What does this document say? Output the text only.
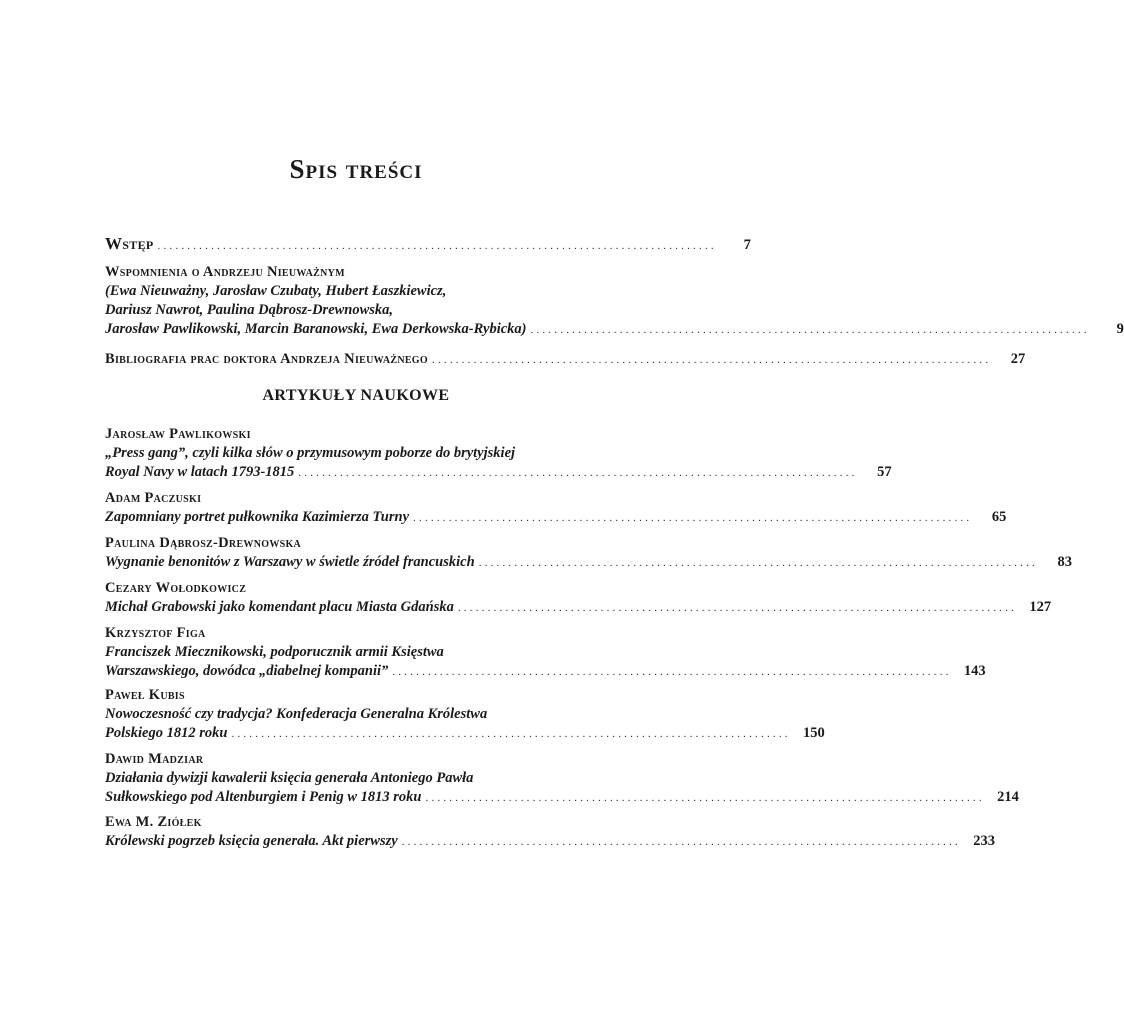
Spis treści
Wstęp ..............................................................................................	7
Wspomnienia o Andrzeju Nieuważnym
(Ewa Nieuważny, Jarosław Czubaty, Hubert Łaszkiewicz,
Dariusz Nawrot, Paulina Dąbrosz-Drewnowska,
Jarosław Pawlikowski, Marcin Baranowski, Ewa Derkowska-Rybicka) ..............................................................................................	9
Bibliografia prac doktora Andrzeja Nieuważnego ..............................................................................................	27
ARTYKUŁY NAUKOWE
Jarosław Pawlikowski
„Press gang”, czyli kilka słów o przymusowym poborze do brytyjskiej
Royal Navy w latach 1793-1815 ..............................................................................................	57
Adam Paczuski
Zapomniany portret pułkownika Kazimierza Turny ..............................................................................................	65
Paulina Dąbrosz-Drewnowska
Wygnanie benonitów z Warszawy w świetle źródeł francuskich ..............................................................................................	83
Cezary Wołodkowicz
Michał Grabowski jako komendant placu Miasta Gdańska .............................................................................................. 127
Krzysztof Figa
Franciszek Miecznikowski, podporucznik armii Księstwa
Warszawskiego, dowódca „diabelnej kompanii” .............................................................................................. 143
Paweł Kubis
Nowoczesność czy tradycja? Konfederacja Generalna Królestwa
Polskiego 1812 roku .............................................................................................. 150
Dawid Madziar
Działania dywizji kawalerii księcia generała Antoniego Pawła
Sułkowskiego pod Altenburgiem i Penig w 1813 roku .............................................................................................. 214
Ewa M. Ziółek
Królewski pogrzeb księcia generała. Akt pierwszy .............................................................................................. 233
